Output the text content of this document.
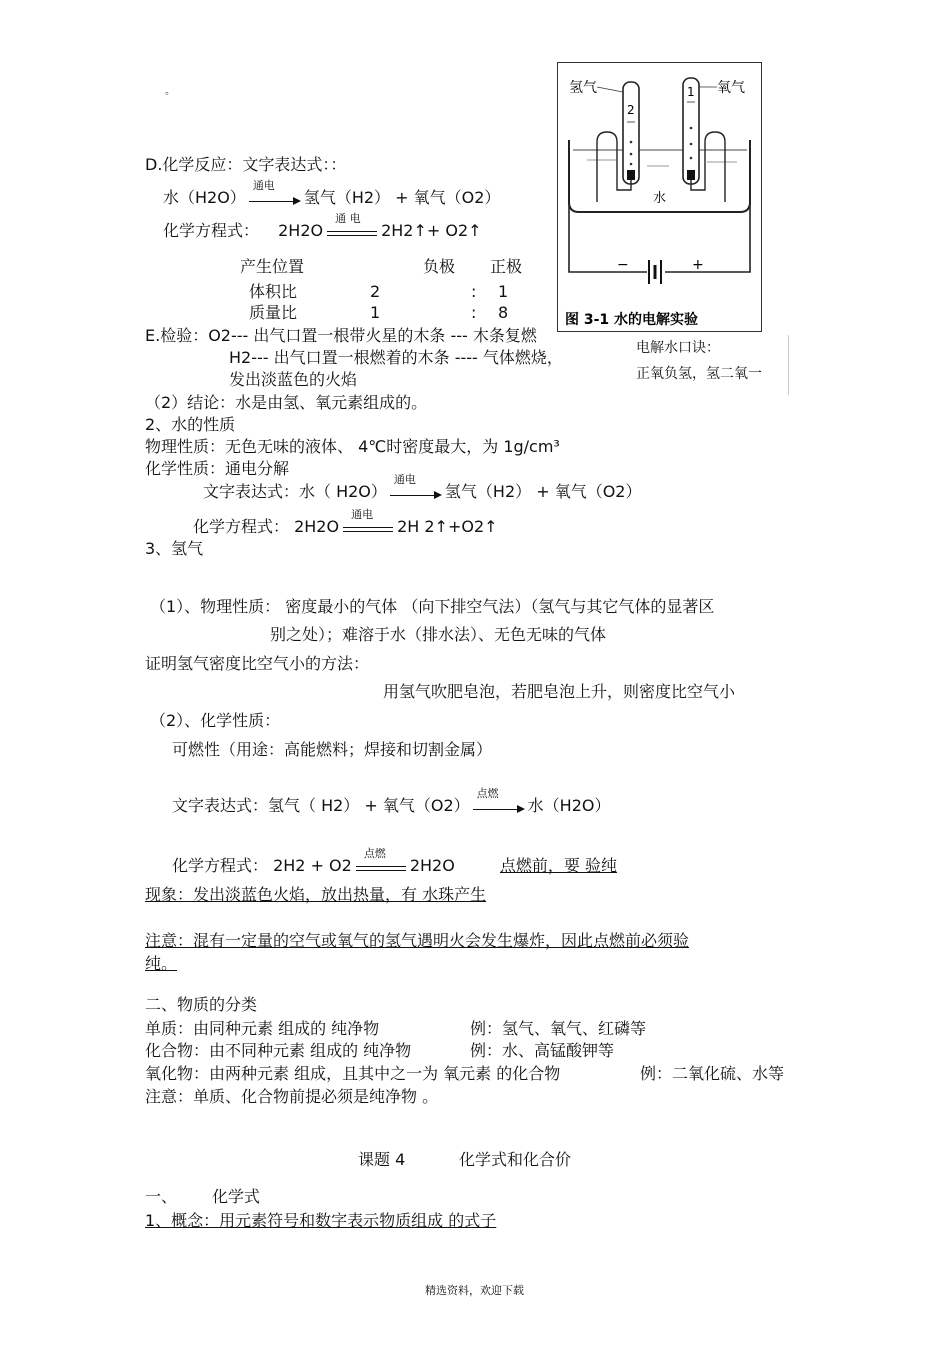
。
D.化学反应：文字表达式：：
水（H2O）
通电
氢气（H2） + 氧气（O2）
化学方程式： 2H2O
通 电
2H2↑+ O2↑
产生位置	负极 正极
体积比	2	: 1
质量比	1	: 8
E.检验：O2--- 出气口置一根带火星的木条 --- 木条复燃
H2--- 出气口置一根燃着的木条 ---- 气体燃烧，
发出淡蓝色的火焰
（2）结论：水是由氢、氧元素组成的。
2、水的性质
物理性质：无色无味的液体、 4℃时密度最大，为 1g/cm³
化学性质：通电分解
文字表达式：水（ H2O）
通电
氢气（H2） + 氧气（O2）
化学方程式： 2H2O
通电
2H 2↑+O2↑
3、氢气
（1）、物理性质： 密度最小的气体 （向下排空气法）（氢气与其它气体的显著区
别之处）；难溶于水（排水法）、无色无味的气体
证明氢气密度比空气小的方法：
用氢气吹肥皂泡，若肥皂泡上升，则密度比空气小
（2）、化学性质：
可燃性（用途：高能燃料；焊接和切割金属）
文字表达式：氢气（ H2） + 氧气（O2）
点燃
水（H2O）
化学方程式： 2H2 + O2
点燃
2H2O	点燃前，要 验纯
现象：发出淡蓝色火焰，放出热量，有 水珠产生
注意：混有一定量的空气或氧气的氢气遇明火会发生爆炸，因此点燃前必须验
纯。
二、物质的分类
单质：由同种元素 组成的 纯净物	例：氢气、氧气、红磷等
化合物：由不同种元素 组成的 纯净物	例：水、高锰酸钾等
氧化物：由两种元素 组成，且其中之一为 氧元素 的化合物	例：二氧化硫、水等
注意：单质、化合物前提必须是纯净物 。
课题 4	化学式和化合价
一、 化学式
1、概念：用元素符号和数字表示物质组成 的式子
精选资料，欢迎下载
氢气	氧气
2
1
水
−	+
图 3-1 水的电解实验
电解水口诀：
正氧负氢，氢二氧一
